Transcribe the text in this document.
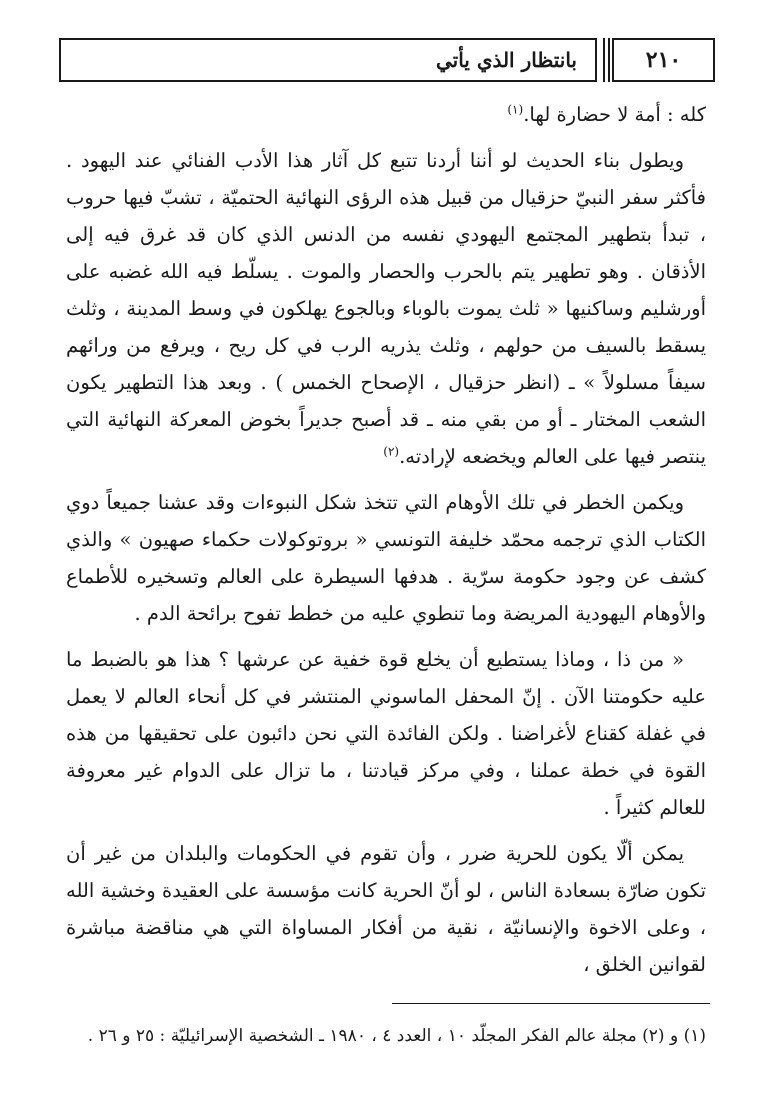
بانتظار الذي يأتي	٢١٠

كله : أمة لا حضارة لها.$^{(١)}$

ويطول بناء الحديث لو أننا أردنا تتبع كل آثار هذا الأدب الفنائي عند اليهود . فأكثر سفر النبيّ حزقيال من قبيل هذه الرؤى النهائية الحتميّة ، تشبّ فيها حروب ، تبدأ بتطهير المجتمع اليهودي نفسه من الدنس الذي كان قد غرق فيه إلى الأذقان . وهو تطهير يتم بالحرب والحصار والموت . يسلّط فيه الله غضبه على أورشليم وساكنيها « ثلث يموت بالوباء وبالجوع يهلكون في وسط المدينة ، وثلث يسقط بالسيف من حولهم ، وثلث يذريه الرب في كل ريح ، ويرفع من ورائهم سيفاً مسلولاً » ـ (انظر حزقيال ، الإصحاح الخمس ) . وبعد هذا التطهير يكون الشعب المختار ـ أو من بقي منه ـ قد أصبح جديراً بخوض المعركة النهائية التي ينتصر فيها على العالم ويخضعه لإرادته.$^{(٢)}$

ويكمن الخطر في تلك الأوهام التي تتخذ شكل النبوءات وقد عشنا جميعاً دوي الكتاب الذي ترجمه محمّد خليفة التونسي « بروتوكولات حكماء صهيون » والذي كشف عن وجود حكومة سرّية . هدفها السيطرة على العالم وتسخيره للأطماع والأوهام اليهودية المريضة وما تنطوي عليه من خطط تفوح برائحة الدم .

« من ذا ، وماذا يستطيع أن يخلع قوة خفية عن عرشها ؟ هذا هو بالضبط ما عليه حكومتنا الآن . إنّ المحفل الماسوني المنتشر في كل أنحاء العالم لا يعمل في غفلة كقناع لأغراضنا . ولكن الفائدة التي نحن دائبون على تحقيقها من هذه القوة في خطة عملنا ، وفي مركز قيادتنا ، ما تزال على الدوام غير معروفة للعالم كثيراً .

يمكن ألّا يكون للحرية ضرر ، وأن تقوم في الحكومات والبلدان من غير أن تكون ضارّة بسعادة الناس ، لو أنّ الحرية كانت مؤسسة على العقيدة وخشية الله ، وعلى الاخوة والإنسانيّة ، نقية من أفكار المساواة التي هي مناقضة مباشرة لقوانين الخلق ،

(١) و (٢) مجلة عالم الفكر المجلّد ١٠ ، العدد ٤ ، ١٩٨٠ ـ الشخصية الإسرائيليّة : ٢٥ و ٢٦ .
